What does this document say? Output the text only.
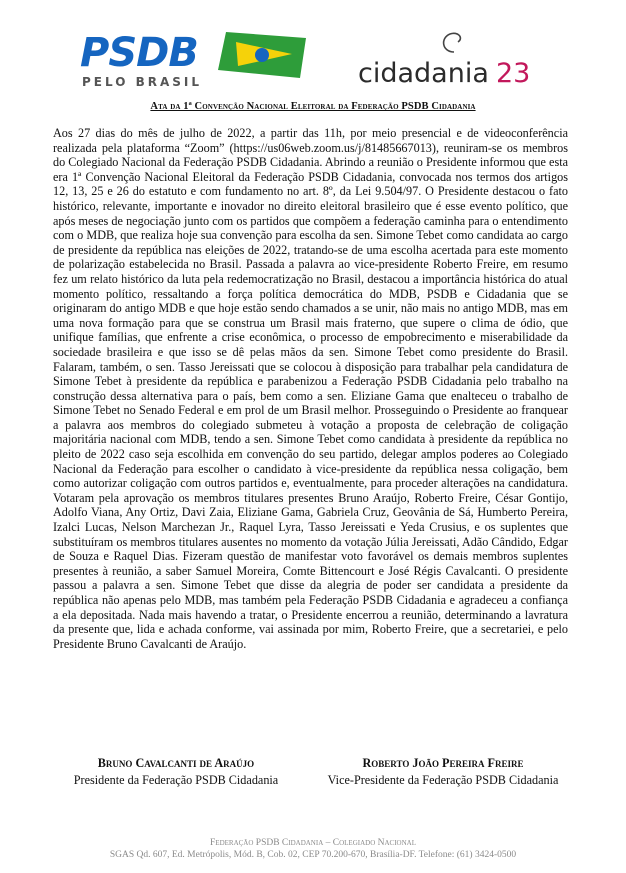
PSDB
PELO BRASIL	cidadania 23
Ata da 1ª Convenção Nacional Eleitoral da Federação PSDB Cidadania

Aos 27 dias do mês de julho de 2022, a partir das 11h, por meio presencial e de videoconferência realizada pela plataforma “Zoom” (https://us06web.zoom.us/j/81485667013), reuniram-se os membros do Colegiado Nacional da Federação PSDB Cidadania. Abrindo a reunião o Presidente informou que esta era 1ª Convenção Nacional Eleitoral da Federação PSDB Cidadania, convocada nos termos dos artigos 12, 13, 25 e 26 do estatuto e com fundamento no art. 8º, da Lei 9.504/97. O Presidente destacou o fato histórico, relevante, importante e inovador no direito eleitoral brasileiro que é esse evento político, que após meses de negociação junto com os partidos que compõem a federação caminha para o entendimento com o MDB, que realiza hoje sua convenção para escolha da sen. Simone Tebet como candidata ao cargo de presidente da república nas eleições de 2022, tratando-se de uma escolha acertada para este momento de polarização estabelecida no Brasil. Passada a palavra ao vice-presidente Roberto Freire, em resumo fez um relato histórico da luta pela redemocratização no Brasil, destacou a importância histórica do atual momento político, ressaltando a força política democrática do MDB, PSDB e Cidadania que se originaram do antigo MDB e que hoje estão sendo chamados a se unir, não mais no antigo MDB, mas em uma nova formação para que se construa um Brasil mais fraterno, que supere o clima de ódio, que unifique famílias, que enfrente a crise econômica, o processo de empobrecimento e miserabilidade da sociedade brasileira e que isso se dê pelas mãos da sen. Simone Tebet como presidente do Brasil. Falaram, também, o sen. Tasso Jereissati que se colocou à disposição para trabalhar pela candidatura de Simone Tebet à presidente da república e parabenizou a Federação PSDB Cidadania pelo trabalho na construção dessa alternativa para o país, bem como a sen. Eliziane Gama que enalteceu o trabalho de Simone Tebet no Senado Federal e em prol de um Brasil melhor. Prosseguindo o Presidente ao franquear a palavra aos membros do colegiado submeteu à votação a proposta de celebração de coligação majoritária nacional com MDB, tendo a sen. Simone Tebet como candidata à presidente da república no pleito de 2022 caso seja escolhida em convenção do seu partido, delegar amplos poderes ao Colegiado Nacional da Federação para escolher o candidato à vice-presidente da república nessa coligação, bem como autorizar coligação com outros partidos e, eventualmente, para proceder alterações na candidatura. Votaram pela aprovação os membros titulares presentes Bruno Araújo, Roberto Freire, César Gontijo, Adolfo Viana, Any Ortiz, Davi Zaia, Eliziane Gama, Gabriela Cruz, Geovânia de Sá, Humberto Pereira, Izalci Lucas, Nelson Marchezan Jr., Raquel Lyra, Tasso Jereissati e Yeda Crusius, e os suplentes que substituíram os membros titulares ausentes no momento da votação Júlia Jereissati, Adão Cândido, Edgar de Souza e Raquel Dias. Fizeram questão de manifestar voto favorável os demais membros suplentes presentes à reunião, a saber Samuel Moreira, Comte Bittencourt e José Régis Cavalcanti. O presidente passou a palavra a sen. Simone Tebet que disse da alegria de poder ser candidata a presidente da república não apenas pelo MDB, mas também pela Federação PSDB Cidadania e agradeceu a confiança a ela depositada. Nada mais havendo a tratar, o Presidente encerrou a reunião, determinando a lavratura da presente que, lida e achada conforme, vai assinada por mim, Roberto Freire, que a secretariei, e pelo Presidente Bruno Cavalcanti de Araújo.

Bruno Cavalcanti de Araújo
Presidente da Federação PSDB Cidadania
Roberto João Pereira Freire
Vice-Presidente da Federação PSDB Cidadania
Federação PSDB Cidadania – Colegiado Nacional
SGAS Qd. 607, Ed. Metrópolis, Mód. B, Cob. 02, CEP 70.200-670, Brasília-DF. Telefone: (61) 3424-0500
